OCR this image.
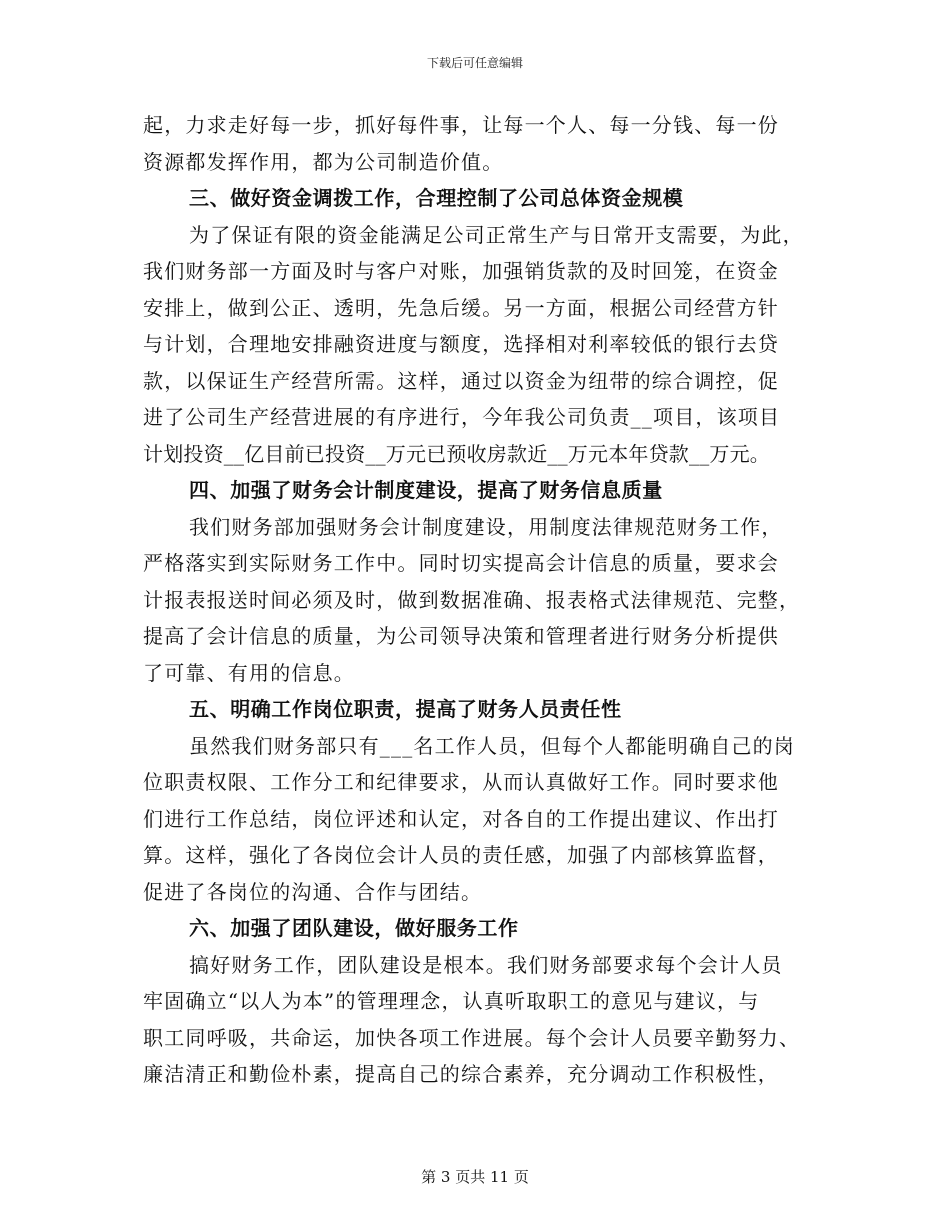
下载后可任意编辑
起，力求走好每一步，抓好每件事，让每一个人、每一分钱、每一份
资源都发挥作用，都为公司制造价值。
三、做好资金调拨工作，合理控制了公司总体资金规模
为了保证有限的资金能满足公司正常生产与日常开支需要，为此，
我们财务部一方面及时与客户对账，加强销货款的及时回笼，在资金
安排上，做到公正、透明，先急后缓。另一方面，根据公司经营方针
与计划，合理地安排融资进度与额度，选择相对利率较低的银行去贷
款，以保证生产经营所需。这样，通过以资金为纽带的综合调控，促
进了公司生产经营进展的有序进行，今年我公司负责__项目，该项目
计划投资__亿目前已投资__万元已预收房款近__万元本年贷款__万元。
四、加强了财务会计制度建设，提高了财务信息质量
我们财务部加强财务会计制度建设，用制度法律规范财务工作，
严格落实到实际财务工作中。同时切实提高会计信息的质量，要求会
计报表报送时间必须及时，做到数据准确、报表格式法律规范、完整，
提高了会计信息的质量，为公司领导决策和管理者进行财务分析提供
了可靠、有用的信息。
五、明确工作岗位职责，提高了财务人员责任性
虽然我们财务部只有___名工作人员，但每个人都能明确自己的岗
位职责权限、工作分工和纪律要求，从而认真做好工作。同时要求他
们进行工作总结，岗位评述和认定，对各自的工作提出建议、作出打
算。这样，强化了各岗位会计人员的责任感，加强了内部核算监督，
促进了各岗位的沟通、合作与团结。
六、加强了团队建设，做好服务工作
搞好财务工作，团队建设是根本。我们财务部要求每个会计人员
牢固确立“以人为本”的管理理念，认真听取职工的意见与建议，与
职工同呼吸，共命运，加快各项工作进展。每个会计人员要辛勤努力、
廉洁清正和勤俭朴素，提高自己的综合素养，充分调动工作积极性，
第 3 页共 11 页
